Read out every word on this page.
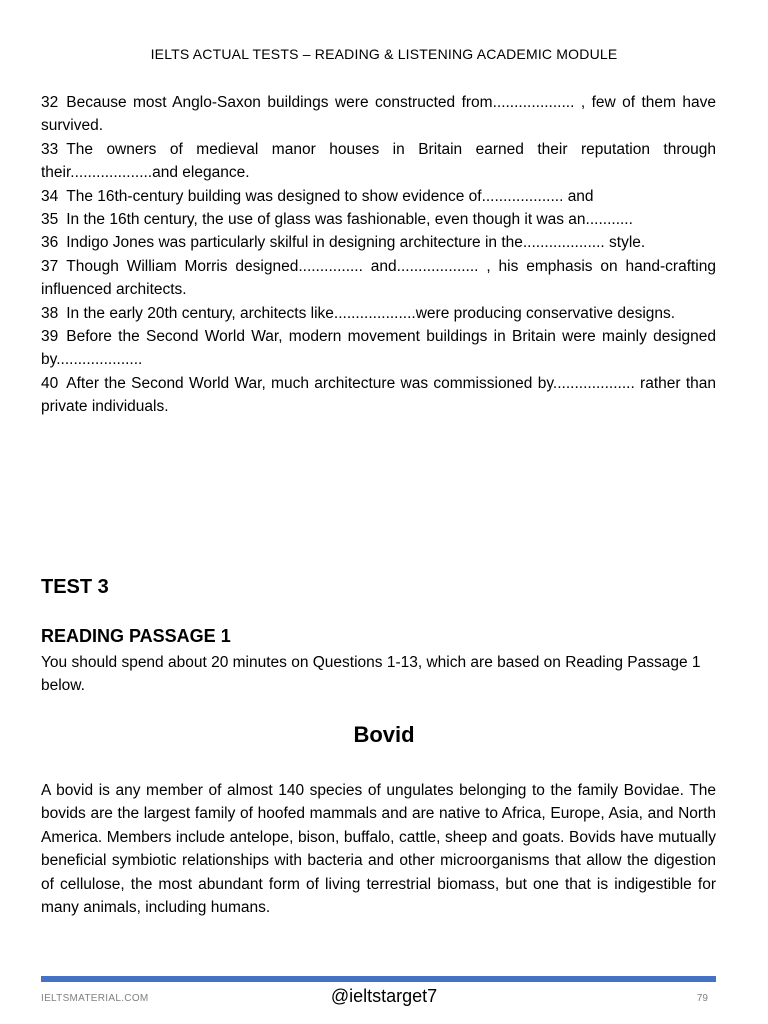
IELTS ACTUAL TESTS – READING & LISTENING ACADEMIC MODULE

32 Because most Anglo-Saxon buildings were constructed from................... , few of them have survived.

33 The owners of medieval manor houses in Britain earned their reputation through their...................and elegance.

34 The 16th-century building was designed to show evidence of................... and

35 In the 16th century, the use of glass was fashionable, even though it was an...........

36 Indigo Jones was particularly skilful in designing architecture in the................... style.

37 Though William Morris designed............... and................... , his emphasis on hand-crafting influenced architects.

38 In the early 20th century, architects like...................were producing conservative designs.

39 Before the Second World War, modern movement buildings in Britain were mainly designed by....................

40 After the Second World War, much architecture was commissioned by................... rather than private individuals.

TEST 3
READING PASSAGE 1

You should spend about 20 minutes on Questions 1-13, which are based on Reading Passage 1 below.

Bovid

A bovid is any member of almost 140 species of ungulates belonging to the family Bovidae. The bovids are the largest family of hoofed mammals and are native to Africa, Europe, Asia, and North America. Members include antelope, bison, buffalo, cattle, sheep and goats. Bovids have mutually beneficial symbiotic relationships with bacteria and other microorganisms that allow the digestion of cellulose, the most abundant form of living terrestrial biomass, but one that is indigestible for many animals, including humans.

IELTSMATERIAL.COM	@ieltstarget7	79
